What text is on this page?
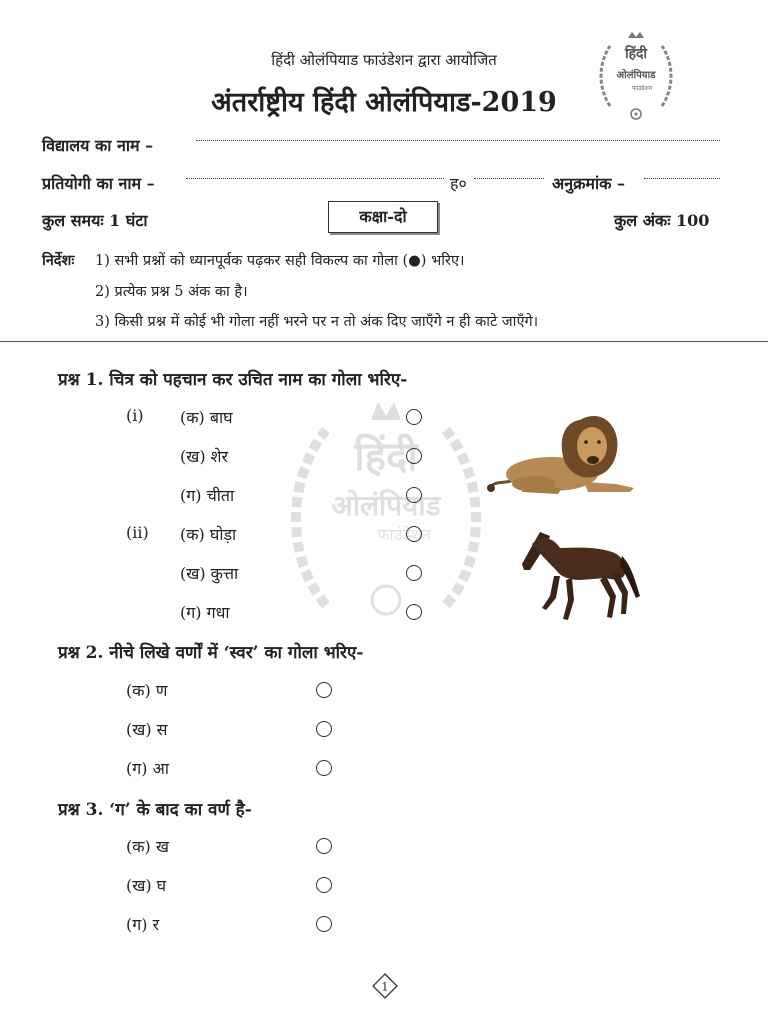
हिंदी ओलंपियाड फाउंडेशन द्वारा आयोजित
अंतर्राष्ट्रीय हिंदी ओलंपियाड-2019
हिंदी
ओलंपियाड
फाउंडेशन
विद्यालय का नाम –
प्रतियोगी का नाम –	ह०	अनुक्रमांक –
कुल समयः 1 घंटा	कक्षा-दो	कुल अंकः 100
निर्देशः 1) सभी प्रश्नों को ध्यानपूर्वक पढ़कर सही विकल्प का गोला (●) भरिए।
2) प्रत्येक प्रश्न 5 अंक का है।
3) किसी प्रश्न में कोई भी गोला नहीं भरने पर न तो अंक दिए जाएँगे न ही काटे जाएँगे।
हिंदी
ओलंपियाड
फाउंडेशन
प्रश्न 1. चित्र को पहचान कर उचित नाम का गोला भरिए-
(i) (क) बाघ
(ख) शेर
(ग) चीता
(ii) (क) घोड़ा
(ख) कुत्ता
(ग) गधा
प्रश्न 2. नीचे लिखे वर्णों में ‘स्वर’ का गोला भरिए-
(क) ण
(ख) स
(ग) आ
प्रश्न 3. ‘ग’ के बाद का वर्ण है-
(क) ख
(ख) घ
(ग) र
1
